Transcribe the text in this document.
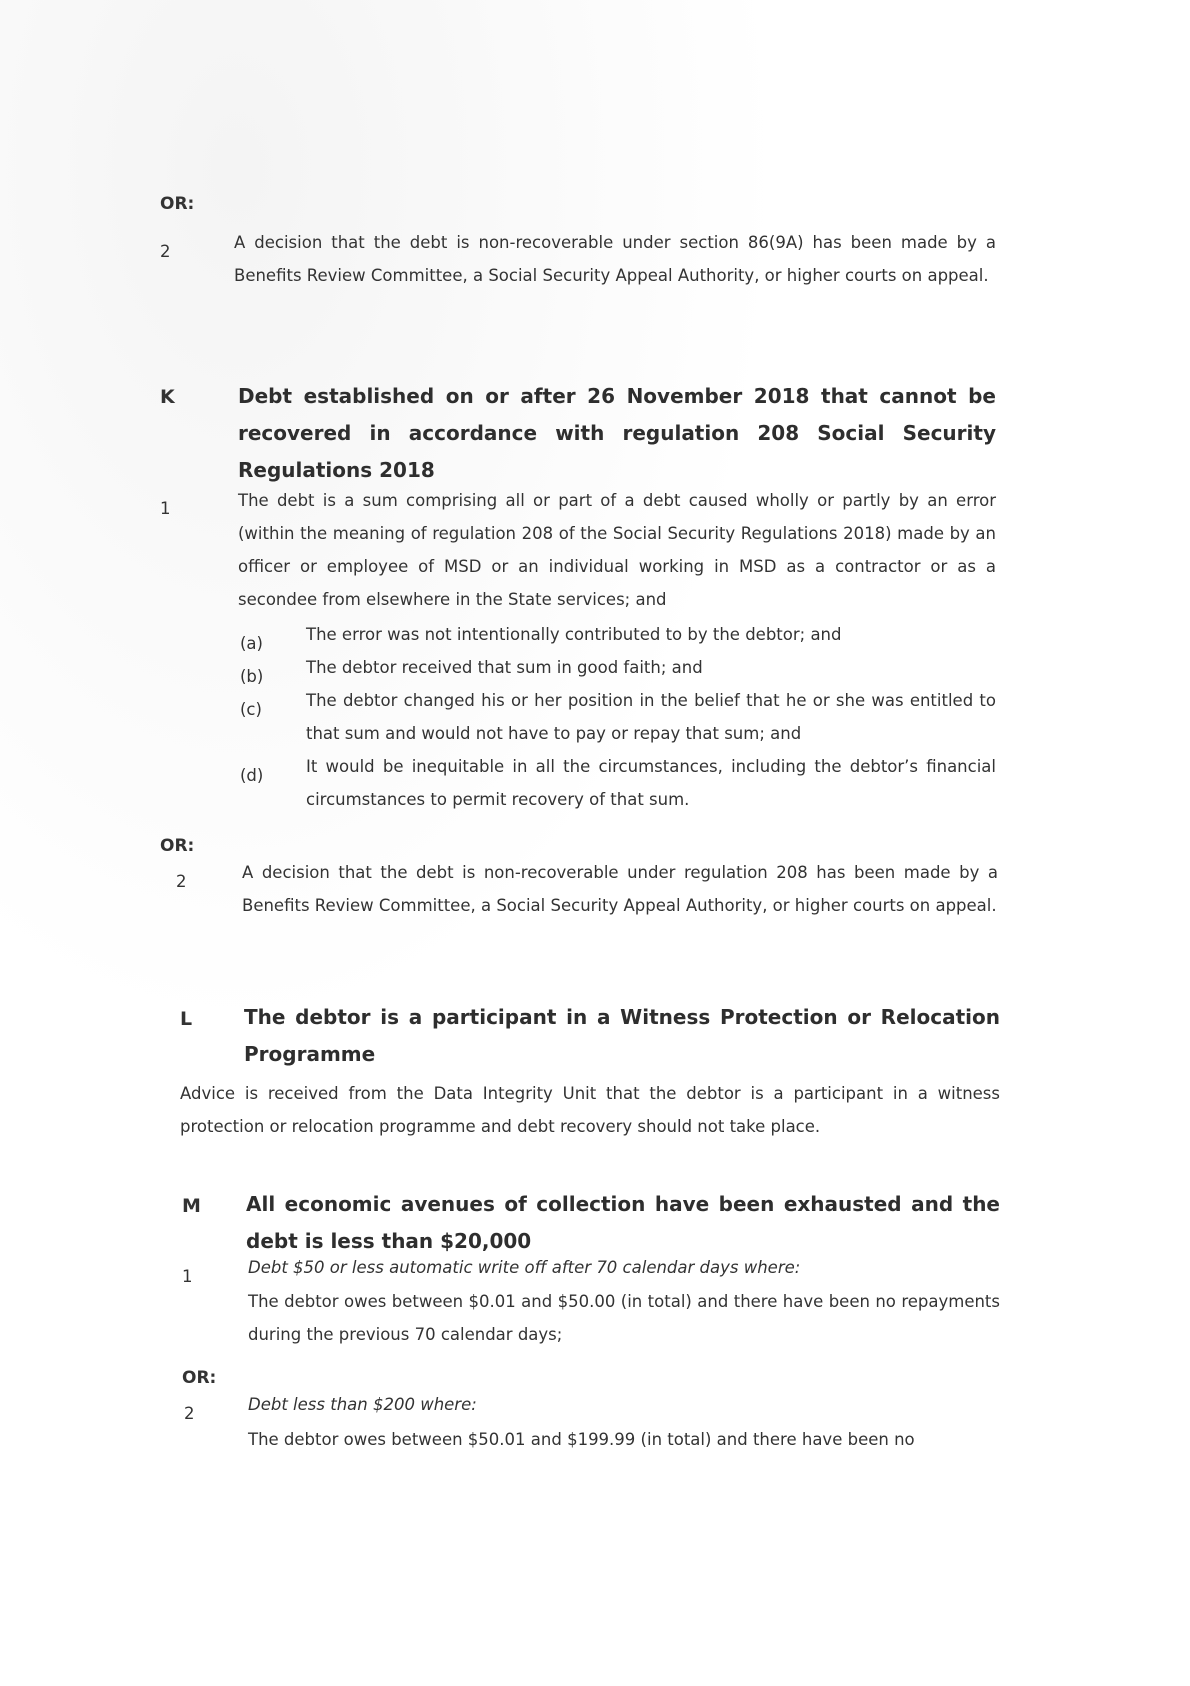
OR:
2	A decision that the debt is non-recoverable under section 86(9A) has been made by a Benefits Review Committee, a Social Security Appeal Authority, or higher courts on appeal.
K	Debt established on or after 26 November 2018 that cannot be recovered in accordance with regulation 208 Social Security Regulations 2018
1	The debt is a sum comprising all or part of a debt caused wholly or partly by an error (within the meaning of regulation 208 of the Social Security Regulations 2018) made by an officer or employee of MSD or an individual working in MSD as a contractor or as a secondee from elsewhere in the State services; and
(a)	The error was not intentionally contributed to by the debtor; and
(b)	The debtor received that sum in good faith; and
(c)	The debtor changed his or her position in the belief that he or she was entitled to that sum and would not have to pay or repay that sum; and
(d)	It would be inequitable in all the circumstances, including the debtor’s financial circumstances to permit recovery of that sum.
OR:
2	A decision that the debt is non-recoverable under regulation 208 has been made by a Benefits Review Committee, a Social Security Appeal Authority, or higher courts on appeal.
L	The debtor is a participant in a Witness Protection or Relocation Programme
Advice is received from the Data Integrity Unit that the debtor is a participant in a witness protection or relocation programme and debt recovery should not take place.
M All economic avenues of collection have been exhausted and the debt is less than $20,000
1	Debt $50 or less automatic write off after 70 calendar days where:
The debtor owes between $0.01 and $50.00 (in total) and there have been no repayments during the previous 70 calendar days;
OR:
2	Debt less than $200 where:
The debtor owes between $50.01 and $199.99 (in total) and there have been no
